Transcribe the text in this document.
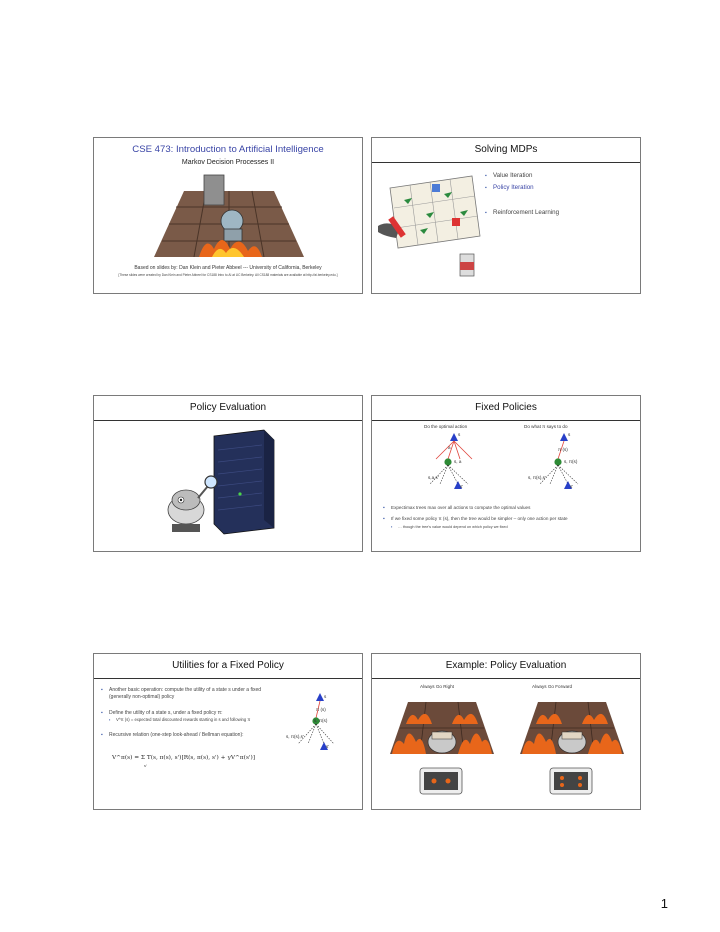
CSE 473: Introduction to Artificial Intelligence
Markov Decision Processes II
Based on slides by: Dan Klein and Pieter Abbeel --- University of California, Berkeley
[These slides were created by Dan Klein and Pieter Abbeel for CS188 Intro to AI at UC Berkeley. All CS188 materials are available at http://ai.berkeley.edu.]
Solving MDPs
▪ Value Iteration
▪ Policy Iteration
▪ Reinforcement Learning
Policy Evaluation	Fixed Policies
Do the optimal action	Do what π says to do
s
a
s, a
s,a,s'
s'
s
π (s)
s, π(s)
s, π(s),s'
s'
▪ Expectimax trees max over all actions to compute the optimal values
▪ If we fixed some policy π (s), then the tree would be simpler – only one action per state
▪ … though the tree's value would depend on which policy we fixed
Utilities for a Fixed Policy
▪ Another basic operation: compute the utility of a state s under a fixed (generally non-optimal) policy
▪ Define the utility of a state s, under a fixed policy π:
▪ V^π (s) = expected total discounted rewards starting in s and following π
▪ Recursive relation (one-step look-ahead / Bellman equation):
V^π(s) = Σ T(s, π(s), s')[R(s, π(s), s') + γV^π(s')]
s'
s
π (s)
s, π(s)
s, π(s),s'
s'
Example: Policy Evaluation
Always Go Right	Always Go Forward
1
